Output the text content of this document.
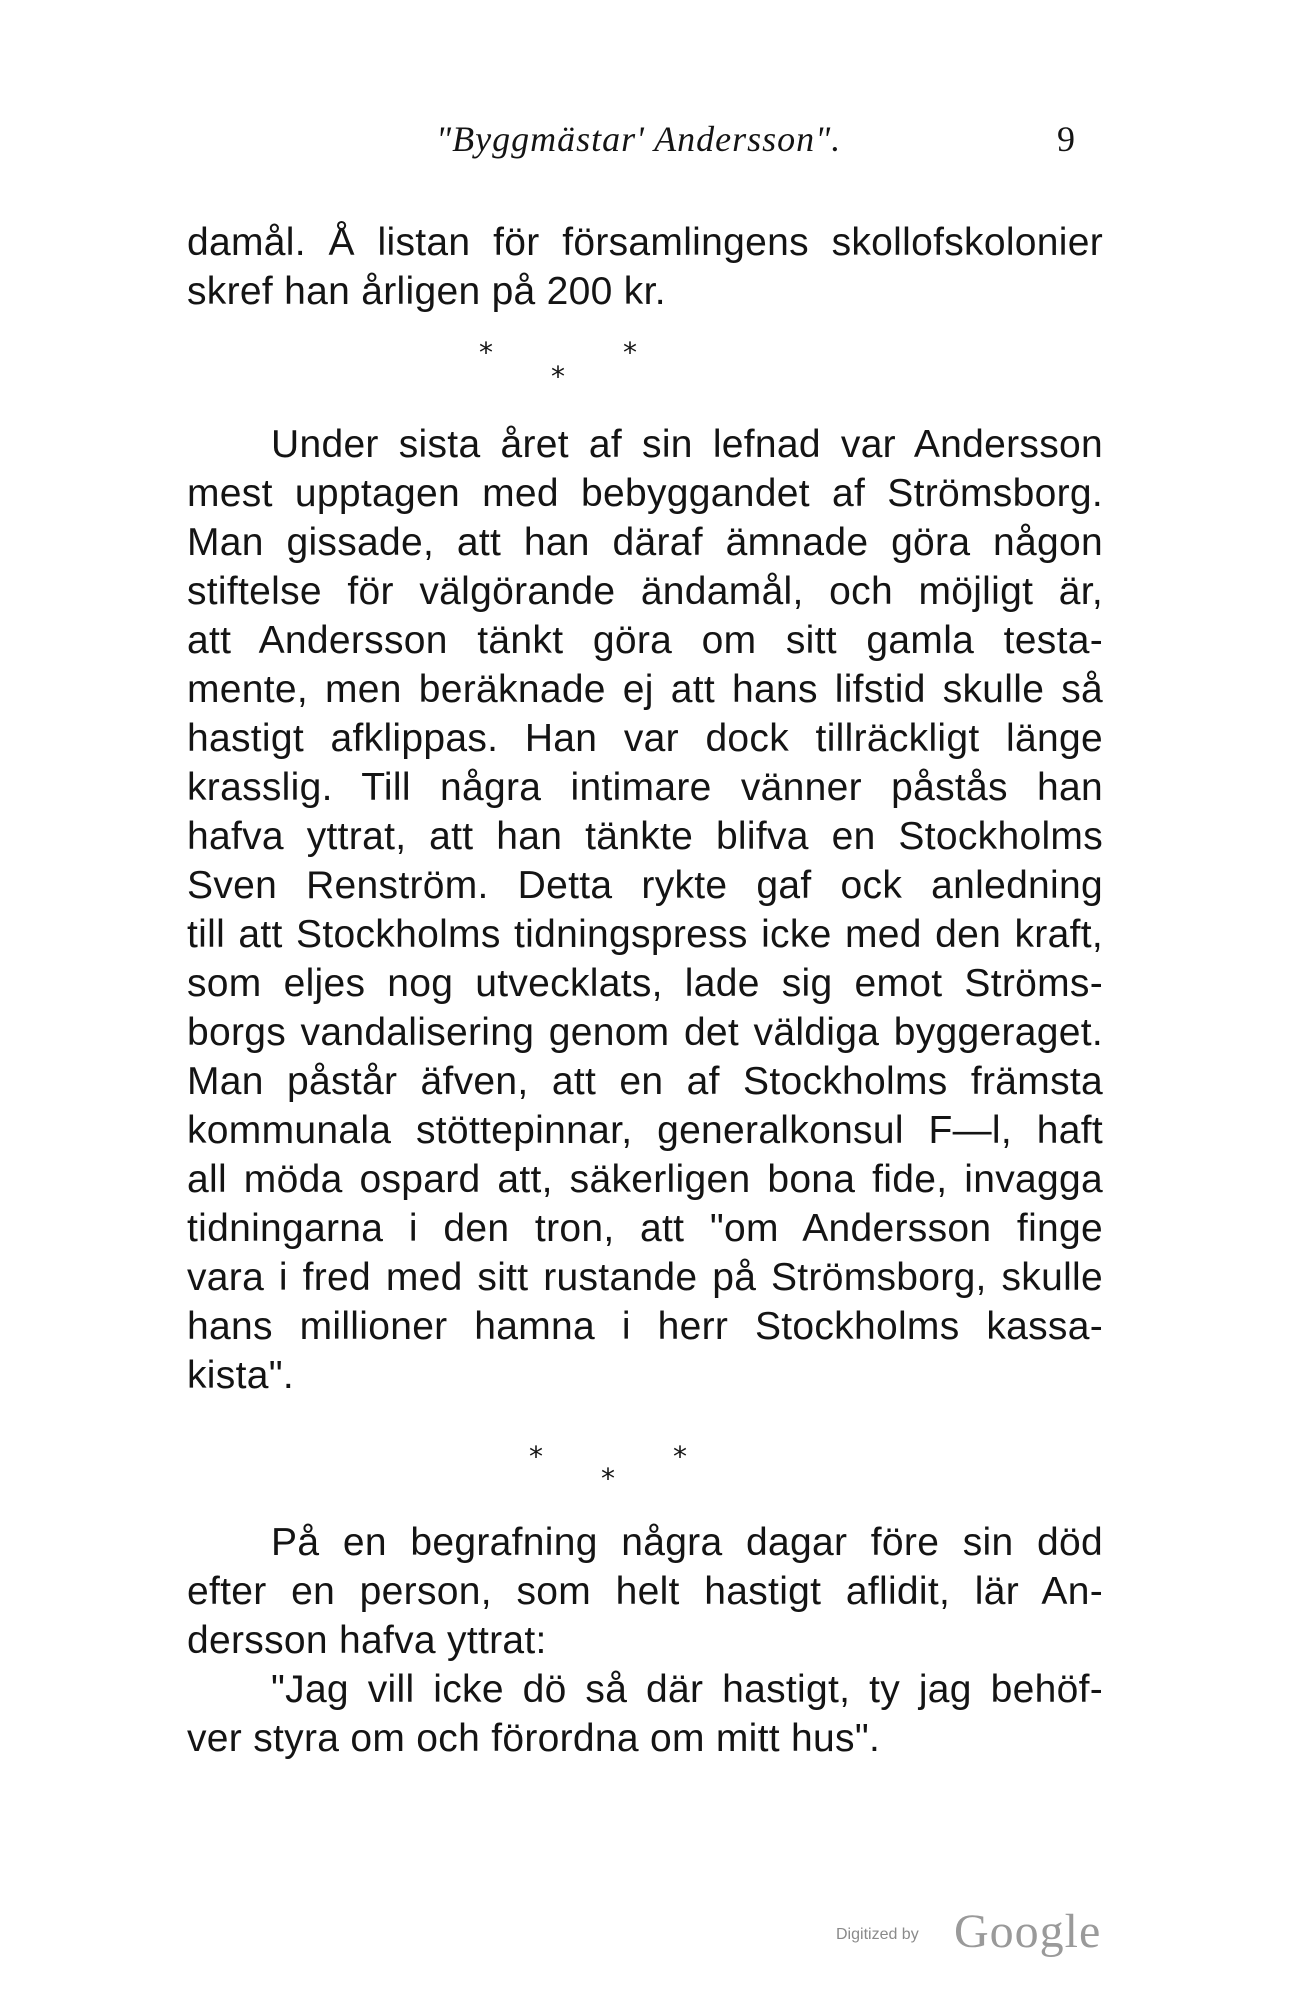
"Byggmästar' Andersson".	9
damål. Å listan för församlingens skollofskolonier
skref han årligen på 200 kr.
*
*
*
Under sista året af sin lefnad var Andersson
mest upptagen med bebyggandet af Strömsborg.
Man gissade, att han däraf ämnade göra någon
stiftelse för välgörande ändamål, och möjligt är,
att Andersson tänkt göra om sitt gamla testa-
mente, men beräknade ej att hans lifstid skulle så
hastigt afklippas. Han var dock tillräckligt länge
krasslig. Till några intimare vänner påstås han
hafva yttrat, att han tänkte blifva en Stockholms
Sven Renström. Detta rykte gaf ock anledning
till att Stockholms tidningspress icke med den kraft,
som eljes nog utvecklats, lade sig emot Ströms-
borgs vandalisering genom det väldiga byggeraget.
Man påstår äfven, att en af Stockholms främsta
kommunala stöttepinnar, generalkonsul F—l, haft
all möda ospard att, säkerligen bona fide, invagga
tidningarna i den tron, att "om Andersson finge
vara i fred med sitt rustande på Strömsborg, skulle
hans millioner hamna i herr Stockholms kassa-
kista".
*
*
*
På en begrafning några dagar före sin död
efter en person, som helt hastigt aflidit, lär An-
dersson hafva yttrat:
"Jag vill icke dö så där hastigt, ty jag behöf-
ver styra om och förordna om mitt hus".
Digitized by Google
